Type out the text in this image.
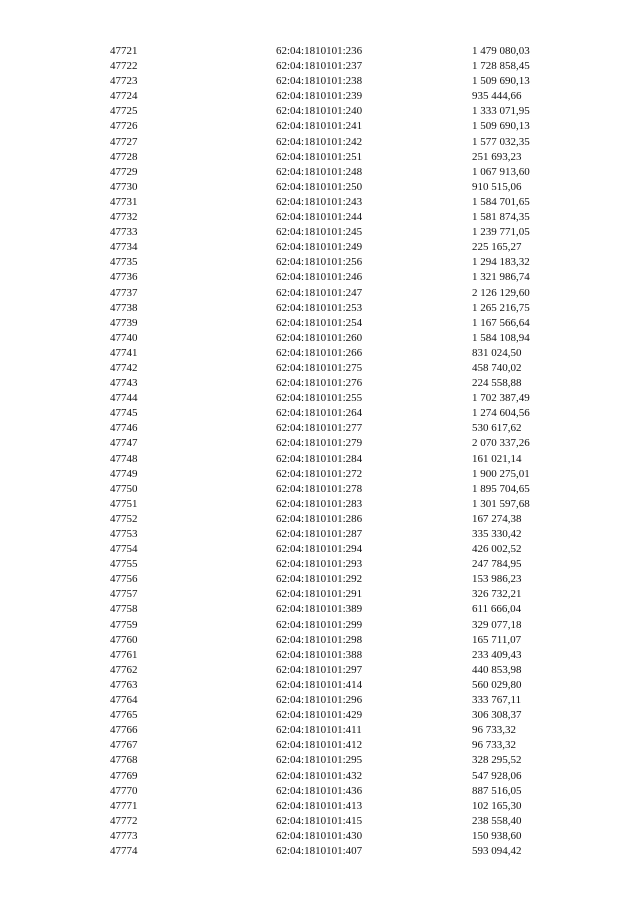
47721	62:04:1810101:236	1 479 080,03
47722	62:04:1810101:237	1 728 858,45
47723	62:04:1810101:238	1 509 690,13
47724	62:04:1810101:239	935 444,66
47725	62:04:1810101:240	1 333 071,95
47726	62:04:1810101:241	1 509 690,13
47727	62:04:1810101:242	1 577 032,35
47728	62:04:1810101:251	251 693,23
47729	62:04:1810101:248	1 067 913,60
47730	62:04:1810101:250	910 515,06
47731	62:04:1810101:243	1 584 701,65
47732	62:04:1810101:244	1 581 874,35
47733	62:04:1810101:245	1 239 771,05
47734	62:04:1810101:249	225 165,27
47735	62:04:1810101:256	1 294 183,32
47736	62:04:1810101:246	1 321 986,74
47737	62:04:1810101:247	2 126 129,60
47738	62:04:1810101:253	1 265 216,75
47739	62:04:1810101:254	1 167 566,64
47740	62:04:1810101:260	1 584 108,94
47741	62:04:1810101:266	831 024,50
47742	62:04:1810101:275	458 740,02
47743	62:04:1810101:276	224 558,88
47744	62:04:1810101:255	1 702 387,49
47745	62:04:1810101:264	1 274 604,56
47746	62:04:1810101:277	530 617,62
47747	62:04:1810101:279	2 070 337,26
47748	62:04:1810101:284	161 021,14
47749	62:04:1810101:272	1 900 275,01
47750	62:04:1810101:278	1 895 704,65
47751	62:04:1810101:283	1 301 597,68
47752	62:04:1810101:286	167 274,38
47753	62:04:1810101:287	335 330,42
47754	62:04:1810101:294	426 002,52
47755	62:04:1810101:293	247 784,95
47756	62:04:1810101:292	153 986,23
47757	62:04:1810101:291	326 732,21
47758	62:04:1810101:389	611 666,04
47759	62:04:1810101:299	329 077,18
47760	62:04:1810101:298	165 711,07
47761	62:04:1810101:388	233 409,43
47762	62:04:1810101:297	440 853,98
47763	62:04:1810101:414	560 029,80
47764	62:04:1810101:296	333 767,11
47765	62:04:1810101:429	306 308,37
47766	62:04:1810101:411	96 733,32
47767	62:04:1810101:412	96 733,32
47768	62:04:1810101:295	328 295,52
47769	62:04:1810101:432	547 928,06
47770	62:04:1810101:436	887 516,05
47771	62:04:1810101:413	102 165,30
47772	62:04:1810101:415	238 558,40
47773	62:04:1810101:430	150 938,60
47774	62:04:1810101:407	593 094,42
